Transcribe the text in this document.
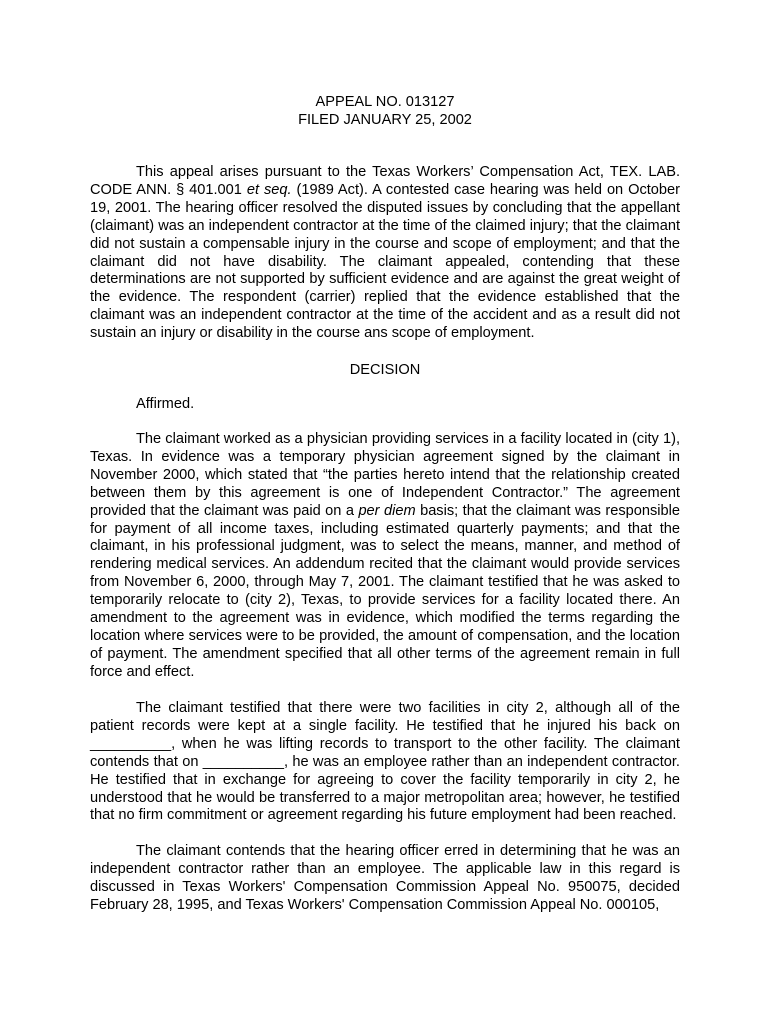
APPEAL NO. 013127

FILED JANUARY 25, 2002

This appeal arises pursuant to the Texas Workers’ Compensation Act, TEX. LAB. CODE ANN. § 401.001 et seq. (1989 Act). A contested case hearing was held on October 19, 2001. The hearing officer resolved the disputed issues by concluding that the appellant (claimant) was an independent contractor at the time of the claimed injury; that the claimant did not sustain a compensable injury in the course and scope of employment; and that the claimant did not have disability. The claimant appealed, contending that these determinations are not supported by sufficient evidence and are against the great weight of the evidence. The respondent (carrier) replied that the evidence established that the claimant was an independent contractor at the time of the accident and as a result did not sustain an injury or disability in the course ans scope of employment.

DECISION

Affirmed.

The claimant worked as a physician providing services in a facility located in (city 1), Texas. In evidence was a temporary physician agreement signed by the claimant in November 2000, which stated that “the parties hereto intend that the relationship created between them by this agreement is one of Independent Contractor.” The agreement provided that the claimant was paid on a per diem basis; that the claimant was responsible for payment of all income taxes, including estimated quarterly payments; and that the claimant, in his professional judgment, was to select the means, manner, and method of rendering medical services. An addendum recited that the claimant would provide services from November 6, 2000, through May 7, 2001. The claimant testified that he was asked to temporarily relocate to (city 2), Texas, to provide services for a facility located there. An amendment to the agreement was in evidence, which modified the terms regarding the location where services were to be provided, the amount of compensation, and the location of payment. The amendment specified that all other terms of the agreement remain in full force and effect.

The claimant testified that there were two facilities in city 2, although all of the patient records were kept at a single facility. He testified that he injured his back on __________, when he was lifting records to transport to the other facility. The claimant contends that on __________, he was an employee rather than an independent contractor. He testified that in exchange for agreeing to cover the facility temporarily in city 2, he understood that he would be transferred to a major metropolitan area; however, he testified that no firm commitment or agreement regarding his future employment had been reached.

The claimant contends that the hearing officer erred in determining that he was an independent contractor rather than an employee. The applicable law in this regard is discussed in Texas Workers' Compensation Commission Appeal No. 950075, decided February 28, 1995, and Texas Workers' Compensation Commission Appeal No. 000105,
